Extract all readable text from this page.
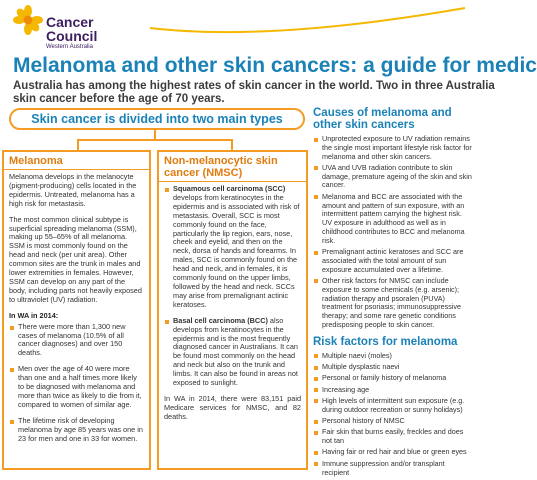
Cancer
Council
Western Australia
Melanoma and other skin cancers: a guide for medic
Australia has among the highest rates of skin cancer in the world. Two in three Australia
skin cancer before the age of 70 years.
Skin cancer is divided into two main types
Melanoma

Melanoma develops in the melanocyte (pigment-producing) cells located in the epidermis. Untreated, melanoma has a high risk for metastasis.

The most common clinical subtype is superficial spreading melanoma (SSM), making up 55–65% of all melanoma. SSM is most commonly found on the head and neck (per unit area). Other common sites are the trunk in males and lower extremities in females. However, SSM can develop on any part of the body, including parts not heavily exposed to ultraviolet (UV) radiation.

In WA in 2014:

There were more than 1,300 new cases of melanoma (10.5% of all cancer diagnoses) and over 150 deaths.
Men over the age of 40 were more than one and a half times more likely to be diagnosed with melanoma and more than twice as likely to die from it, compared to women of similar age.
The lifetime risk of developing melanoma by age 85 years was one in 23 for men and one in 33 for women.
Non-melanocytic skin cancer (NMSC)
Squamous cell carcinoma (SCC) develops from keratinocytes in the epidermis and is associated with risk of metastasis. Overall, SCC is most commonly found on the face, particularly the lip region, ears, nose, cheek and eyelid, and then on the neck, dorsa of hands and forearms. In males, SCC is commonly found on the head and neck, and in females, it is commonly found on the upper limbs, followed by the head and neck. SCCs may arise from premalignant actinic keratoses.
Basal cell carcinoma (BCC) also develops from keratinocytes in the epidermis and is the most frequently diagnosed cancer in Australians. It can be found most commonly on the head and neck but also on the trunk and limbs. It can also be found in areas not exposed to sunlight.

In WA in 2014, there were 83,151 paid Medicare services for NMSC, and 82 deaths.

Causes of melanoma and other skin cancers
Unprotected exposure to UV radiation remains the single most important lifestyle risk factor for melanoma and other skin cancers.
UVA and UVB radiation contribute to skin damage, premature ageing of the skin and skin cancer.
Melanoma and BCC are associated with the amount and pattern of sun exposure, with an intermittent pattern carrying the highest risk. UV exposure in adulthood as well as in childhood contributes to BCC and melanoma risk.
Premalignant actinic keratoses and SCC are associated with the total amount of sun exposure accumulated over a lifetime.
Other risk factors for NMSC can include exposure to some chemicals (e.g. arsenic); radiation therapy and psoralen (PUVA) treatment for psoriasis; immunosuppressive therapy; and some rare genetic conditions predisposing people to skin cancer.
Risk factors for melanoma
Multiple naevi (moles)
Multiple dysplastic naevi
Personal or family history of melanoma
Increasing age
High levels of intermittent sun exposure (e.g. during outdoor recreation or sunny holidays)
Personal history of NMSC
Fair skin that burns easily, freckles and does not tan
Having fair or red hair and blue or green eyes
Immune suppression and/or transplant recipient
